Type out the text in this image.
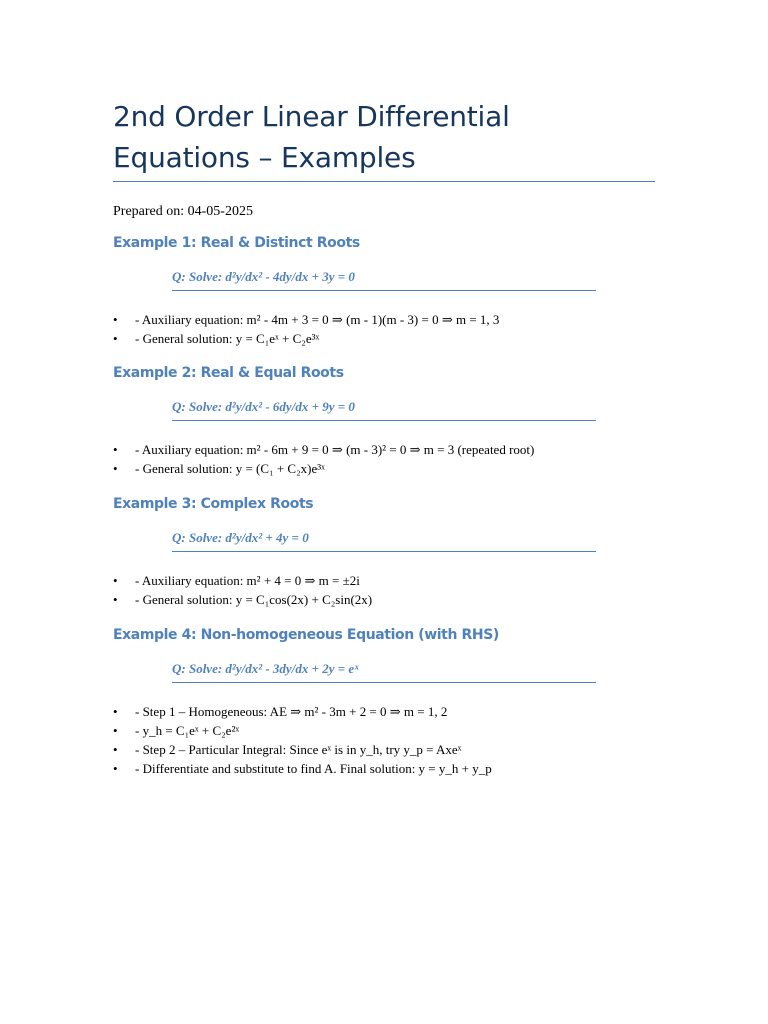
2nd Order Linear Differential Equations – Examples

Prepared on: 04-05-2025

Example 1: Real & Distinct Roots
Q: Solve: d²y/dx² - 4dy/dx + 3y = 0
• - Auxiliary equation: m² - 4m + 3 = 0 ⇒ (m - 1)(m - 3) = 0 ⇒ m = 1, 3
• - General solution: y = C₁eˣ + C₂e³ˣ
Example 2: Real & Equal Roots
Q: Solve: d²y/dx² - 6dy/dx + 9y = 0
• - Auxiliary equation: m² - 6m + 9 = 0 ⇒ (m - 3)² = 0 ⇒ m = 3 (repeated root)
• - General solution: y = (C₁ + C₂x)e³ˣ
Example 3: Complex Roots
Q: Solve: d²y/dx² + 4y = 0
• - Auxiliary equation: m² + 4 = 0 ⇒ m = ±2i
• - General solution: y = C₁cos(2x) + C₂sin(2x)
Example 4: Non-homogeneous Equation (with RHS)
Q: Solve: d²y/dx² - 3dy/dx + 2y = eˣ
• - Step 1 – Homogeneous: AE ⇒ m² - 3m + 2 = 0 ⇒ m = 1, 2
• - y_h = C₁eˣ + C₂e²ˣ
• - Step 2 – Particular Integral: Since eˣ is in y_h, try y_p = Axeˣ
• - Differentiate and substitute to find A. Final solution: y = y_h + y_p
